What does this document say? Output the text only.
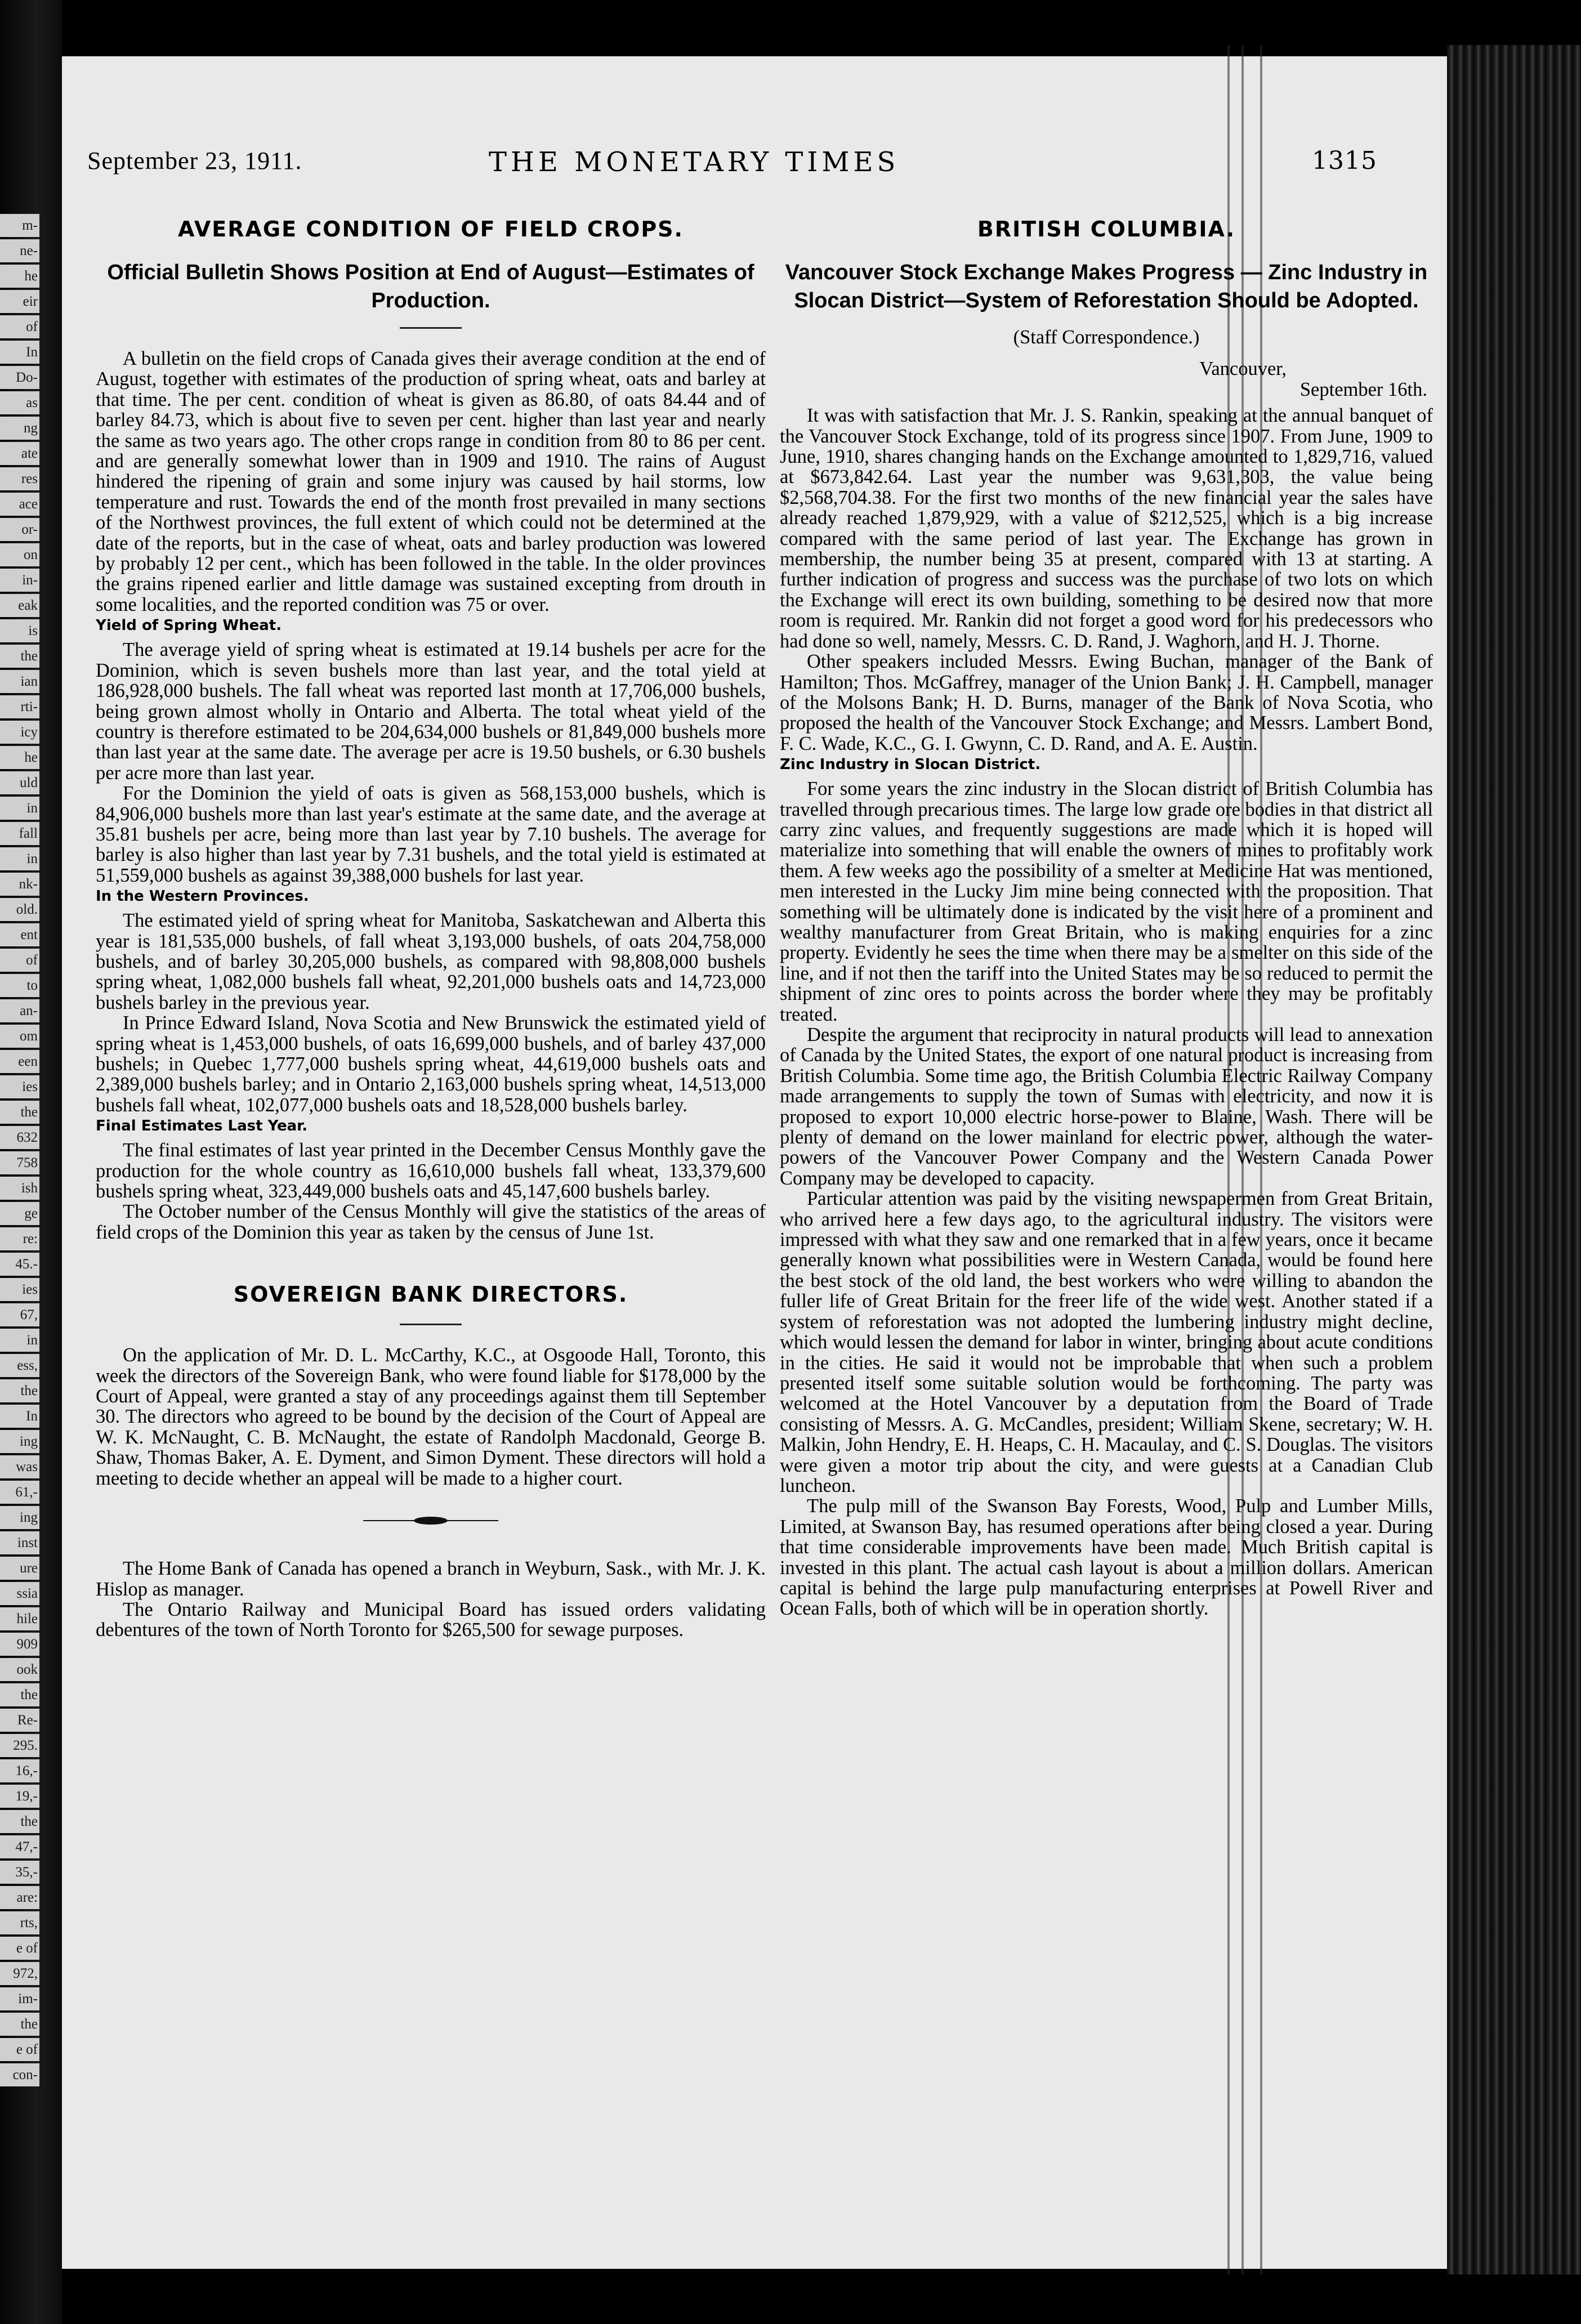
m-
ne-
he
eir
of
In
Do-
as
ng
ate
res
ace
or-
on
in-
eak
is
the
ian
rti-
icy
he
uld
in
fall
in
nk-
old.
ent
of
to
an-
om
een
ies
the
632
758
ish
ge
re:
45.-
ies
67,
in
ess,
the
In
ing
was
61,-
ing
inst
ure
ssia
hile
909
ook
the
Re-
295.
16,-
19,-
the
47,-
35,-
are:
rts,
e of
972,
im-
the
e of
con-
September 23, 1911.	THE MONETARY TIMES	1315
AVERAGE CONDITION OF FIELD CROPS.
Official Bulletin Shows Position at End of August—Estimates of Production.

A bulletin on the field crops of Canada gives their average condition at the end of August, together with estimates of the production of spring wheat, oats and barley at that time. The per cent. condition of wheat is given as 86.80, of oats 84.44 and of barley 84.73, which is about five to seven per cent. higher than last year and nearly the same as two years ago. The other crops range in condition from 80 to 86 per cent. and are generally somewhat lower than in 1909 and 1910. The rains of August hindered the ripening of grain and some injury was caused by hail storms, low temperature and rust. Towards the end of the month frost prevailed in many sections of the Northwest provinces, the full extent of which could not be determined at the date of the reports, but in the case of wheat, oats and barley production was lowered by probably 12 per cent., which has been followed in the table. In the older provinces the grains ripened earlier and little damage was sustained excepting from drouth in some localities, and the reported condition was 75 or over.

Yield of Spring Wheat.

The average yield of spring wheat is estimated at 19.14 bushels per acre for the Dominion, which is seven bushels more than last year, and the total yield at 186,928,000 bushels. The fall wheat was reported last month at 17,706,000 bushels, being grown almost wholly in Ontario and Alberta. The total wheat yield of the country is therefore estimated to be 204,634,000 bushels or 81,849,000 bushels more than last year at the same date. The average per acre is 19.50 bushels, or 6.30 bushels per acre more than last year.

For the Dominion the yield of oats is given as 568,153,000 bushels, which is 84,906,000 bushels more than last year's estimate at the same date, and the average at 35.81 bushels per acre, being more than last year by 7.10 bushels. The average for barley is also higher than last year by 7.31 bushels, and the total yield is estimated at 51,559,000 bushels as against 39,388,000 bushels for last year.

In the Western Provinces.

The estimated yield of spring wheat for Manitoba, Saskatchewan and Alberta this year is 181,535,000 bushels, of fall wheat 3,193,000 bushels, of oats 204,758,000 bushels, and of barley 30,205,000 bushels, as compared with 98,808,000 bushels spring wheat, 1,082,000 bushels fall wheat, 92,201,000 bushels oats and 14,723,000 bushels barley in the previous year.

In Prince Edward Island, Nova Scotia and New Brunswick the estimated yield of spring wheat is 1,453,000 bushels, of oats 16,699,000 bushels, and of barley 437,000 bushels; in Quebec 1,777,000 bushels spring wheat, 44,619,000 bushels oats and 2,389,000 bushels barley; and in Ontario 2,163,000 bushels spring wheat, 14,513,000 bushels fall wheat, 102,077,000 bushels oats and 18,528,000 bushels barley.

Final Estimates Last Year.

The final estimates of last year printed in the December Census Monthly gave the production for the whole country as 16,610,000 bushels fall wheat, 133,379,600 bushels spring wheat, 323,449,000 bushels oats and 45,147,600 bushels barley.

The October number of the Census Monthly will give the statistics of the areas of field crops of the Dominion this year as taken by the census of June 1st.

SOVEREIGN BANK DIRECTORS.

On the application of Mr. D. L. McCarthy, K.C., at Osgoode Hall, Toronto, this week the directors of the Sovereign Bank, who were found liable for $178,000 by the Court of Appeal, were granted a stay of any proceedings against them till September 30. The directors who agreed to be bound by the decision of the Court of Appeal are W. K. McNaught, C. B. McNaught, the estate of Randolph Macdonald, George B. Shaw, Thomas Baker, A. E. Dyment, and Simon Dyment. These directors will hold a meeting to decide whether an appeal will be made to a higher court.

The Home Bank of Canada has opened a branch in Weyburn, Sask., with Mr. J. K. Hislop as manager.

The Ontario Railway and Municipal Board has issued orders validating debentures of the town of North Toronto for $265,500 for sewage purposes.

BRITISH COLUMBIA.
Vancouver Stock Exchange Makes Progress — Zinc Industry in Slocan District—System of Reforestation Should be Adopted.

(Staff Correspondence.)

Vancouver,

September 16th.

It was with satisfaction that Mr. J. S. Rankin, speaking at the annual banquet of the Vancouver Stock Exchange, told of its progress since 1907. From June, 1909 to June, 1910, shares changing hands on the Exchange amounted to 1,829,716, valued at $673,842.64. Last year the number was 9,631,303, the value being $2,568,704.38. For the first two months of the new financial year the sales have already reached 1,879,929, with a value of $212,525, which is a big increase compared with the same period of last year. The Exchange has grown in membership, the number being 35 at present, compared with 13 at starting. A further indication of progress and success was the purchase of two lots on which the Exchange will erect its own building, something to be desired now that more room is required. Mr. Rankin did not forget a good word for his predecessors who had done so well, namely, Messrs. C. D. Rand, J. Waghorn, and H. J. Thorne.

Other speakers included Messrs. Ewing Buchan, manager of the Bank of Hamilton; Thos. McGaffrey, manager of the Union Bank; J. H. Campbell, manager of the Molsons Bank; H. D. Burns, manager of the Bank of Nova Scotia, who proposed the health of the Vancouver Stock Exchange; and Messrs. Lambert Bond, F. C. Wade, K.C., G. I. Gwynn, C. D. Rand, and A. E. Austin.

Zinc Industry in Slocan District.

For some years the zinc industry in the Slocan district of British Columbia has travelled through precarious times. The large low grade ore bodies in that district all carry zinc values, and frequently suggestions are made which it is hoped will materialize into something that will enable the owners of mines to profitably work them. A few weeks ago the possibility of a smelter at Medicine Hat was mentioned, men interested in the Lucky Jim mine being connected with the proposition. That something will be ultimately done is indicated by the visit here of a prominent and wealthy manufacturer from Great Britain, who is making enquiries for a zinc property. Evidently he sees the time when there may be a smelter on this side of the line, and if not then the tariff into the United States may be so reduced to permit the shipment of zinc ores to points across the border where they may be profitably treated.

Despite the argument that reciprocity in natural products will lead to annexation of Canada by the United States, the export of one natural product is increasing from British Columbia. Some time ago, the British Columbia Electric Railway Company made arrangements to supply the town of Sumas with electricity, and now it is proposed to export 10,000 electric horse-power to Blaine, Wash. There will be plenty of demand on the lower mainland for electric power, although the water-powers of the Vancouver Power Company and the Western Canada Power Company may be developed to capacity.

Particular attention was paid by the visiting newspapermen from Great Britain, who arrived here a few days ago, to the agricultural industry. The visitors were impressed with what they saw and one remarked that in a few years, once it became generally known what possibilities were in Western Canada, would be found here the best stock of the old land, the best workers who were willing to abandon the fuller life of Great Britain for the freer life of the wide west. Another stated if a system of reforestation was not adopted the lumbering industry might decline, which would lessen the demand for labor in winter, bringing about acute conditions in the cities. He said it would not be improbable that when such a problem presented itself some suitable solution would be forthcoming. The party was welcomed at the Hotel Vancouver by a deputation from the Board of Trade consisting of Messrs. A. G. McCandles, president; William Skene, secretary; W. H. Malkin, John Hendry, E. H. Heaps, C. H. Macaulay, and C. S. Douglas. The visitors were given a motor trip about the city, and were guests at a Canadian Club luncheon.

The pulp mill of the Swanson Bay Forests, Wood, Pulp and Lumber Mills, Limited, at Swanson Bay, has resumed operations after being closed a year. During that time considerable improvements have been made. Much British capital is invested in this plant. The actual cash layout is about a million dollars. American capital is behind the large pulp manufacturing enterprises at Powell River and Ocean Falls, both of which will be in operation shortly.
